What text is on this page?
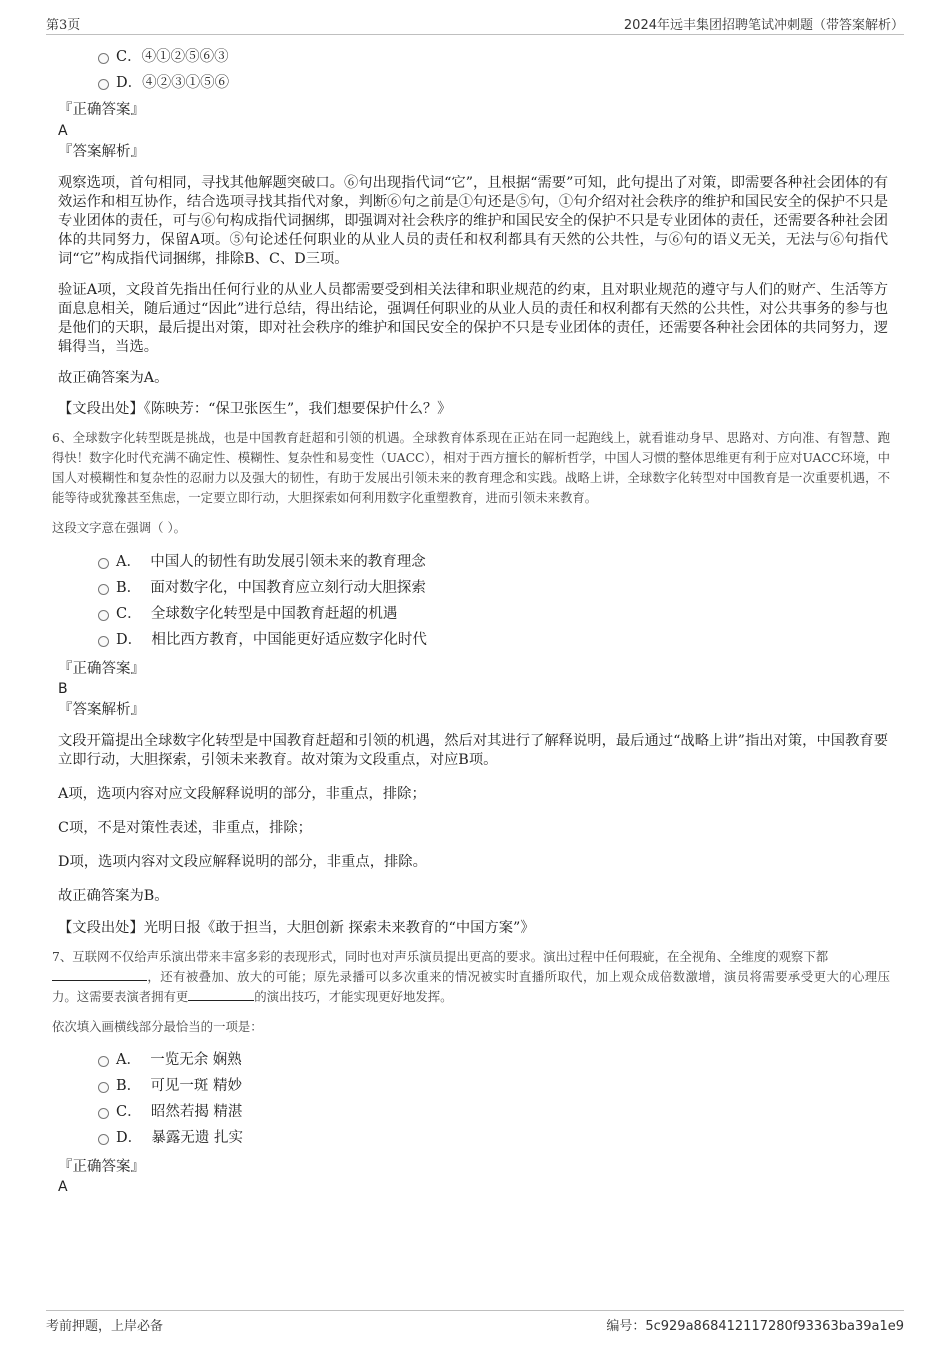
第3页	2024年远丰集团招聘笔试冲刺题（带答案解析）
C．④①②⑤⑥③
D．④②③①⑤⑥
『正确答案』
A
『答案解析』

观察选项，首句相同，寻找其他解题突破口。⑥句出现指代词“它”，且根据“需要”可知，此句提出了对策，即需要各种社会团体的有效运作和相互协作，结合选项寻找其指代对象，判断⑥句之前是①句还是⑤句，①句介绍对社会秩序的维护和国民安全的保护不只是专业团体的责任，可与⑥句构成指代词捆绑，即强调对社会秩序的维护和国民安全的保护不只是专业团体的责任，还需要各种社会团体的共同努力，保留A项。⑤句论述任何职业的从业人员的责任和权利都具有天然的公共性，与⑥句的语义无关，无法与⑥句指代词“它”构成指代词捆绑，排除B、C、D三项。

验证A项，文段首先指出任何行业的从业人员都需要受到相关法律和职业规范的约束，且对职业规范的遵守与人们的财产、生活等方面息息相关，随后通过“因此”进行总结，得出结论，强调任何职业的从业人员的责任和权利都有天然的公共性，对公共事务的参与也是他们的天职，最后提出对策，即对社会秩序的维护和国民安全的保护不只是专业团体的责任，还需要各种社会团体的共同努力，逻辑得当，当选。

故正确答案为A。

【文段出处】《陈映芳：“保卫张医生”，我们想要保护什么？》

6、全球数字化转型既是挑战，也是中国教育赶超和引领的机遇。全球教育体系现在正站在同一起跑线上，就看谁动身早、思路对、方向准、有智慧、跑得快！数字化时代充满不确定性、模糊性、复杂性和易变性（UACC），相对于西方擅长的解析哲学，中国人习惯的整体思维更有利于应对UACC环境，中国人对模糊性和复杂性的忍耐力以及强大的韧性，有助于发展出引领未来的教育理念和实践。战略上讲，全球数字化转型对中国教育是一次重要机遇，不能等待或犹豫甚至焦虑，一定要立即行动，大胆探索如何利用数字化重塑教育，进而引领未来教育。

这段文字意在强调（ ）。

A． 中国人的韧性有助发展引领未来的教育理念
B． 面对数字化，中国教育应立刻行动大胆探索
C． 全球数字化转型是中国教育赶超的机遇
D． 相比西方教育，中国能更好适应数字化时代
『正确答案』
B
『答案解析』

文段开篇提出全球数字化转型是中国教育赶超和引领的机遇，然后对其进行了解释说明，最后通过“战略上讲”指出对策，中国教育要立即行动，大胆探索，引领未来教育。故对策为文段重点，对应B项。

A项，选项内容对应文段解释说明的部分，非重点，排除；

C项，不是对策性表述，非重点，排除；

D项，选项内容对文段应解释说明的部分，非重点，排除。

故正确答案为B。

【文段出处】光明日报《敢于担当，大胆创新 探索未来教育的“中国方案”》

7、互联网不仅给声乐演出带来丰富多彩的表现形式，同时也对声乐演员提出更高的要求。演出过程中任何瑕疵，在全视角、全维度的观察下都
，还有被叠加、放大的可能；原先录播可以多次重来的情况被实时直播所取代，加上观众成倍数激增，演员将需要承受更大的心理压力。这需要表演者拥有更	的演出技巧，才能实现更好地发挥。

依次填入画横线部分最恰当的一项是：

A． 一览无余 娴熟
B． 可见一斑 精妙
C． 昭然若揭 精湛
D． 暴露无遗 扎实
『正确答案』
A
考前押题，上岸必备	编号：5c929a868412117280f93363ba39a1e9
